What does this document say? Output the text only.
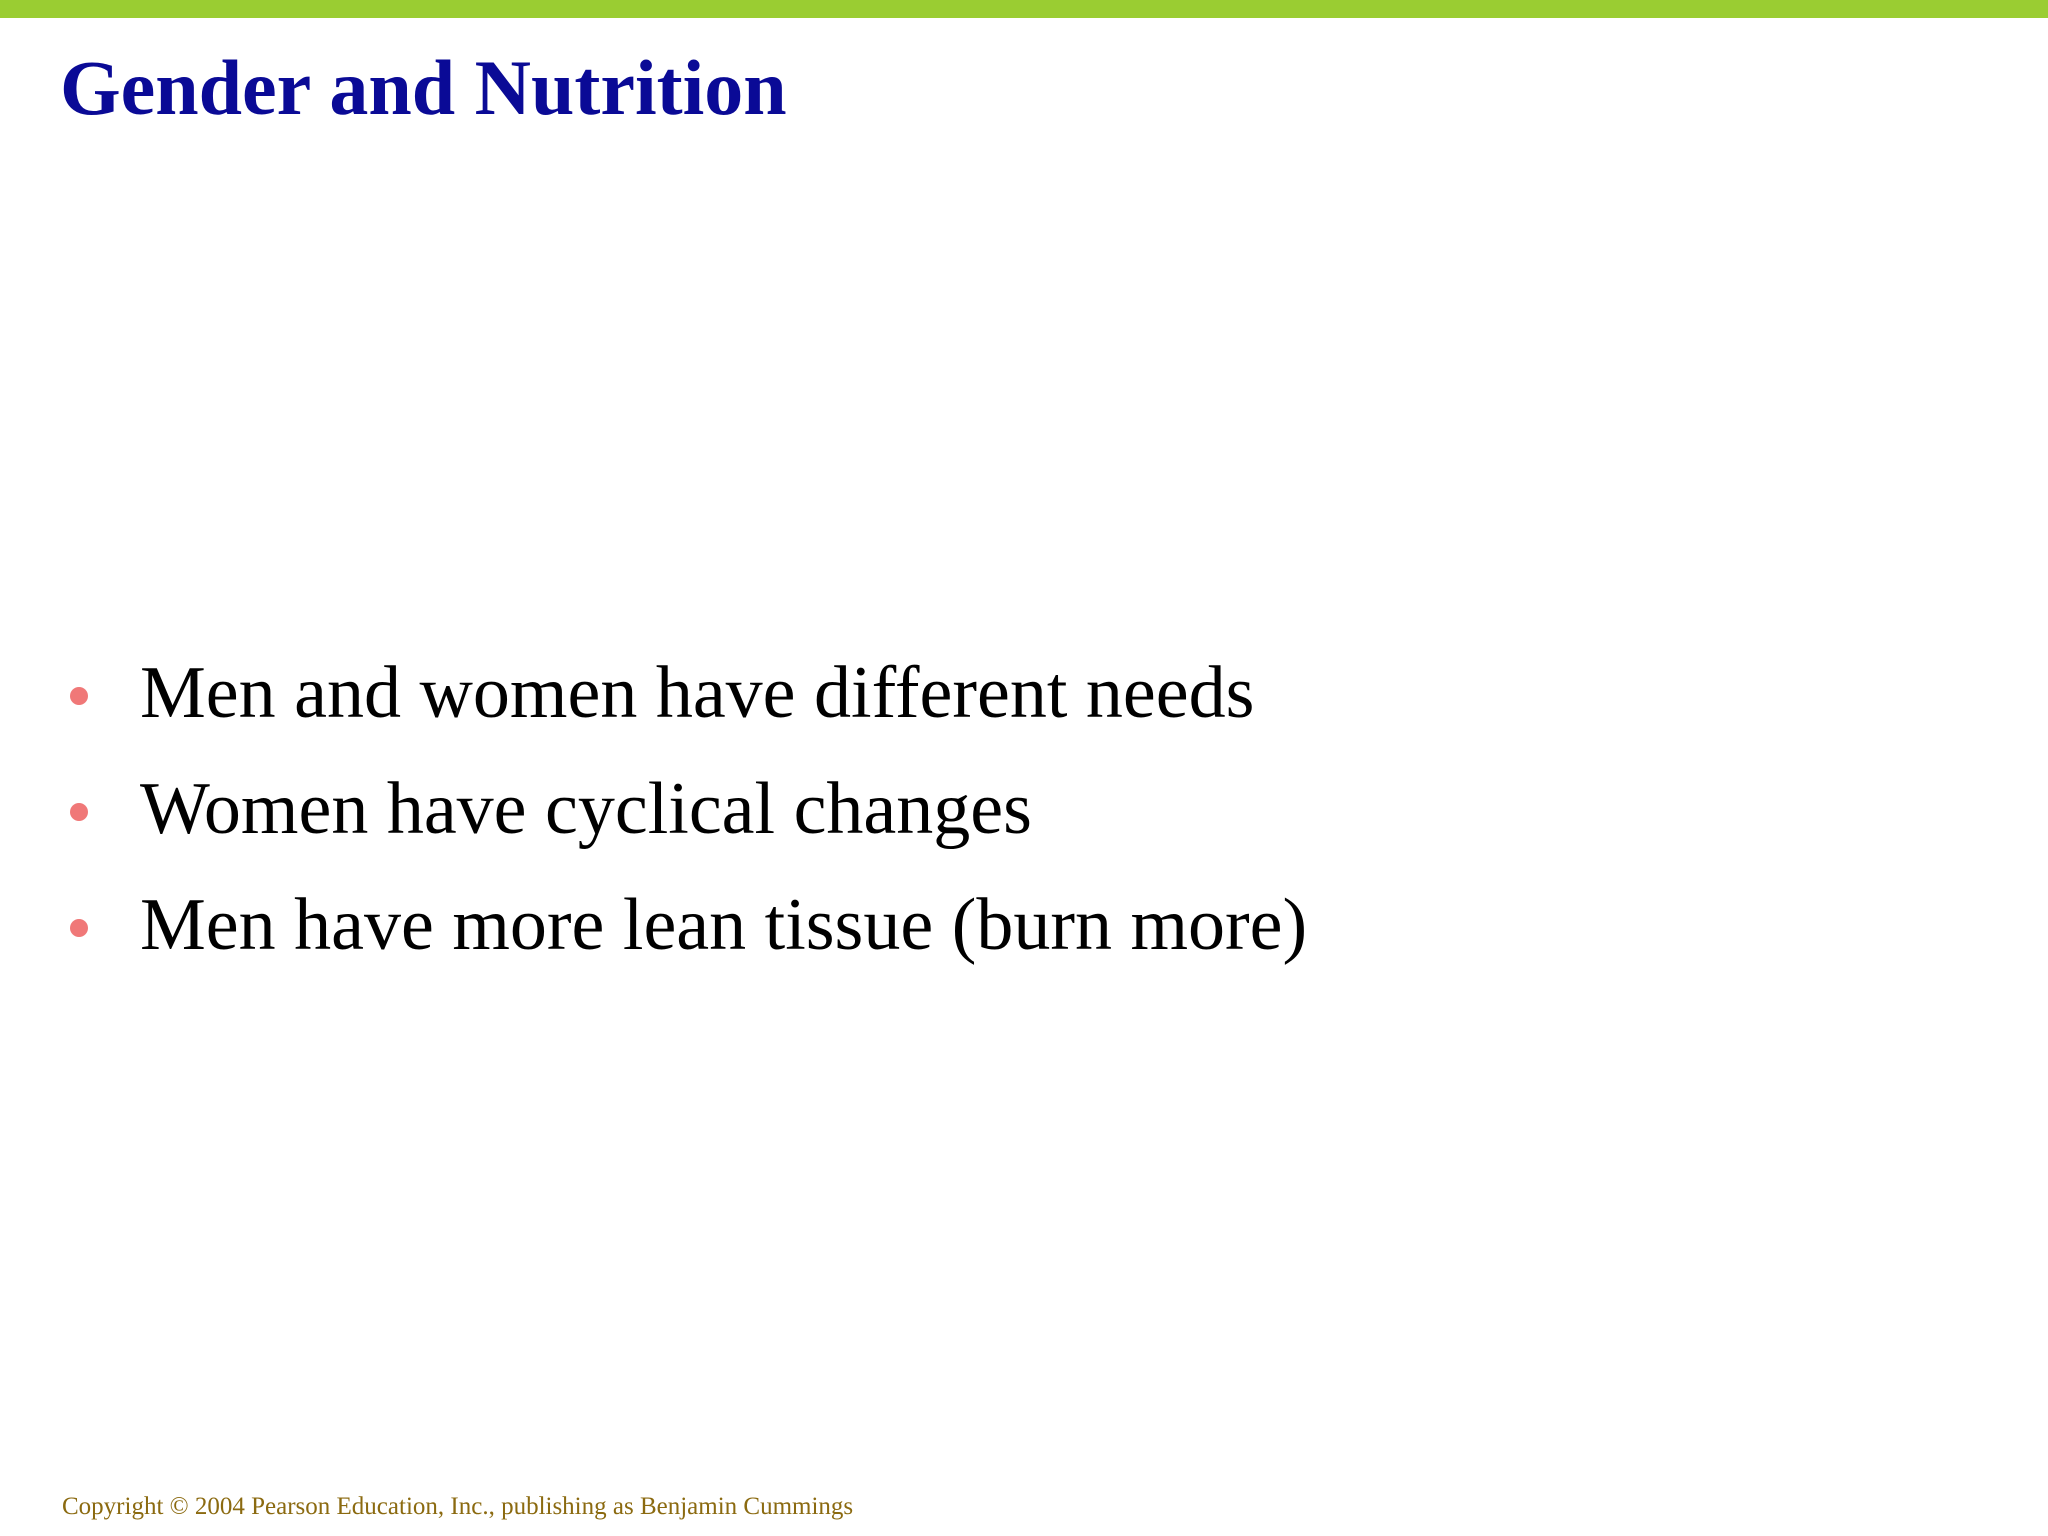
Gender and Nutrition
Men and women have different needs
Women have cyclical changes
Men have more lean tissue (burn more)
Copyright © 2004 Pearson Education, Inc., publishing as Benjamin Cummings
